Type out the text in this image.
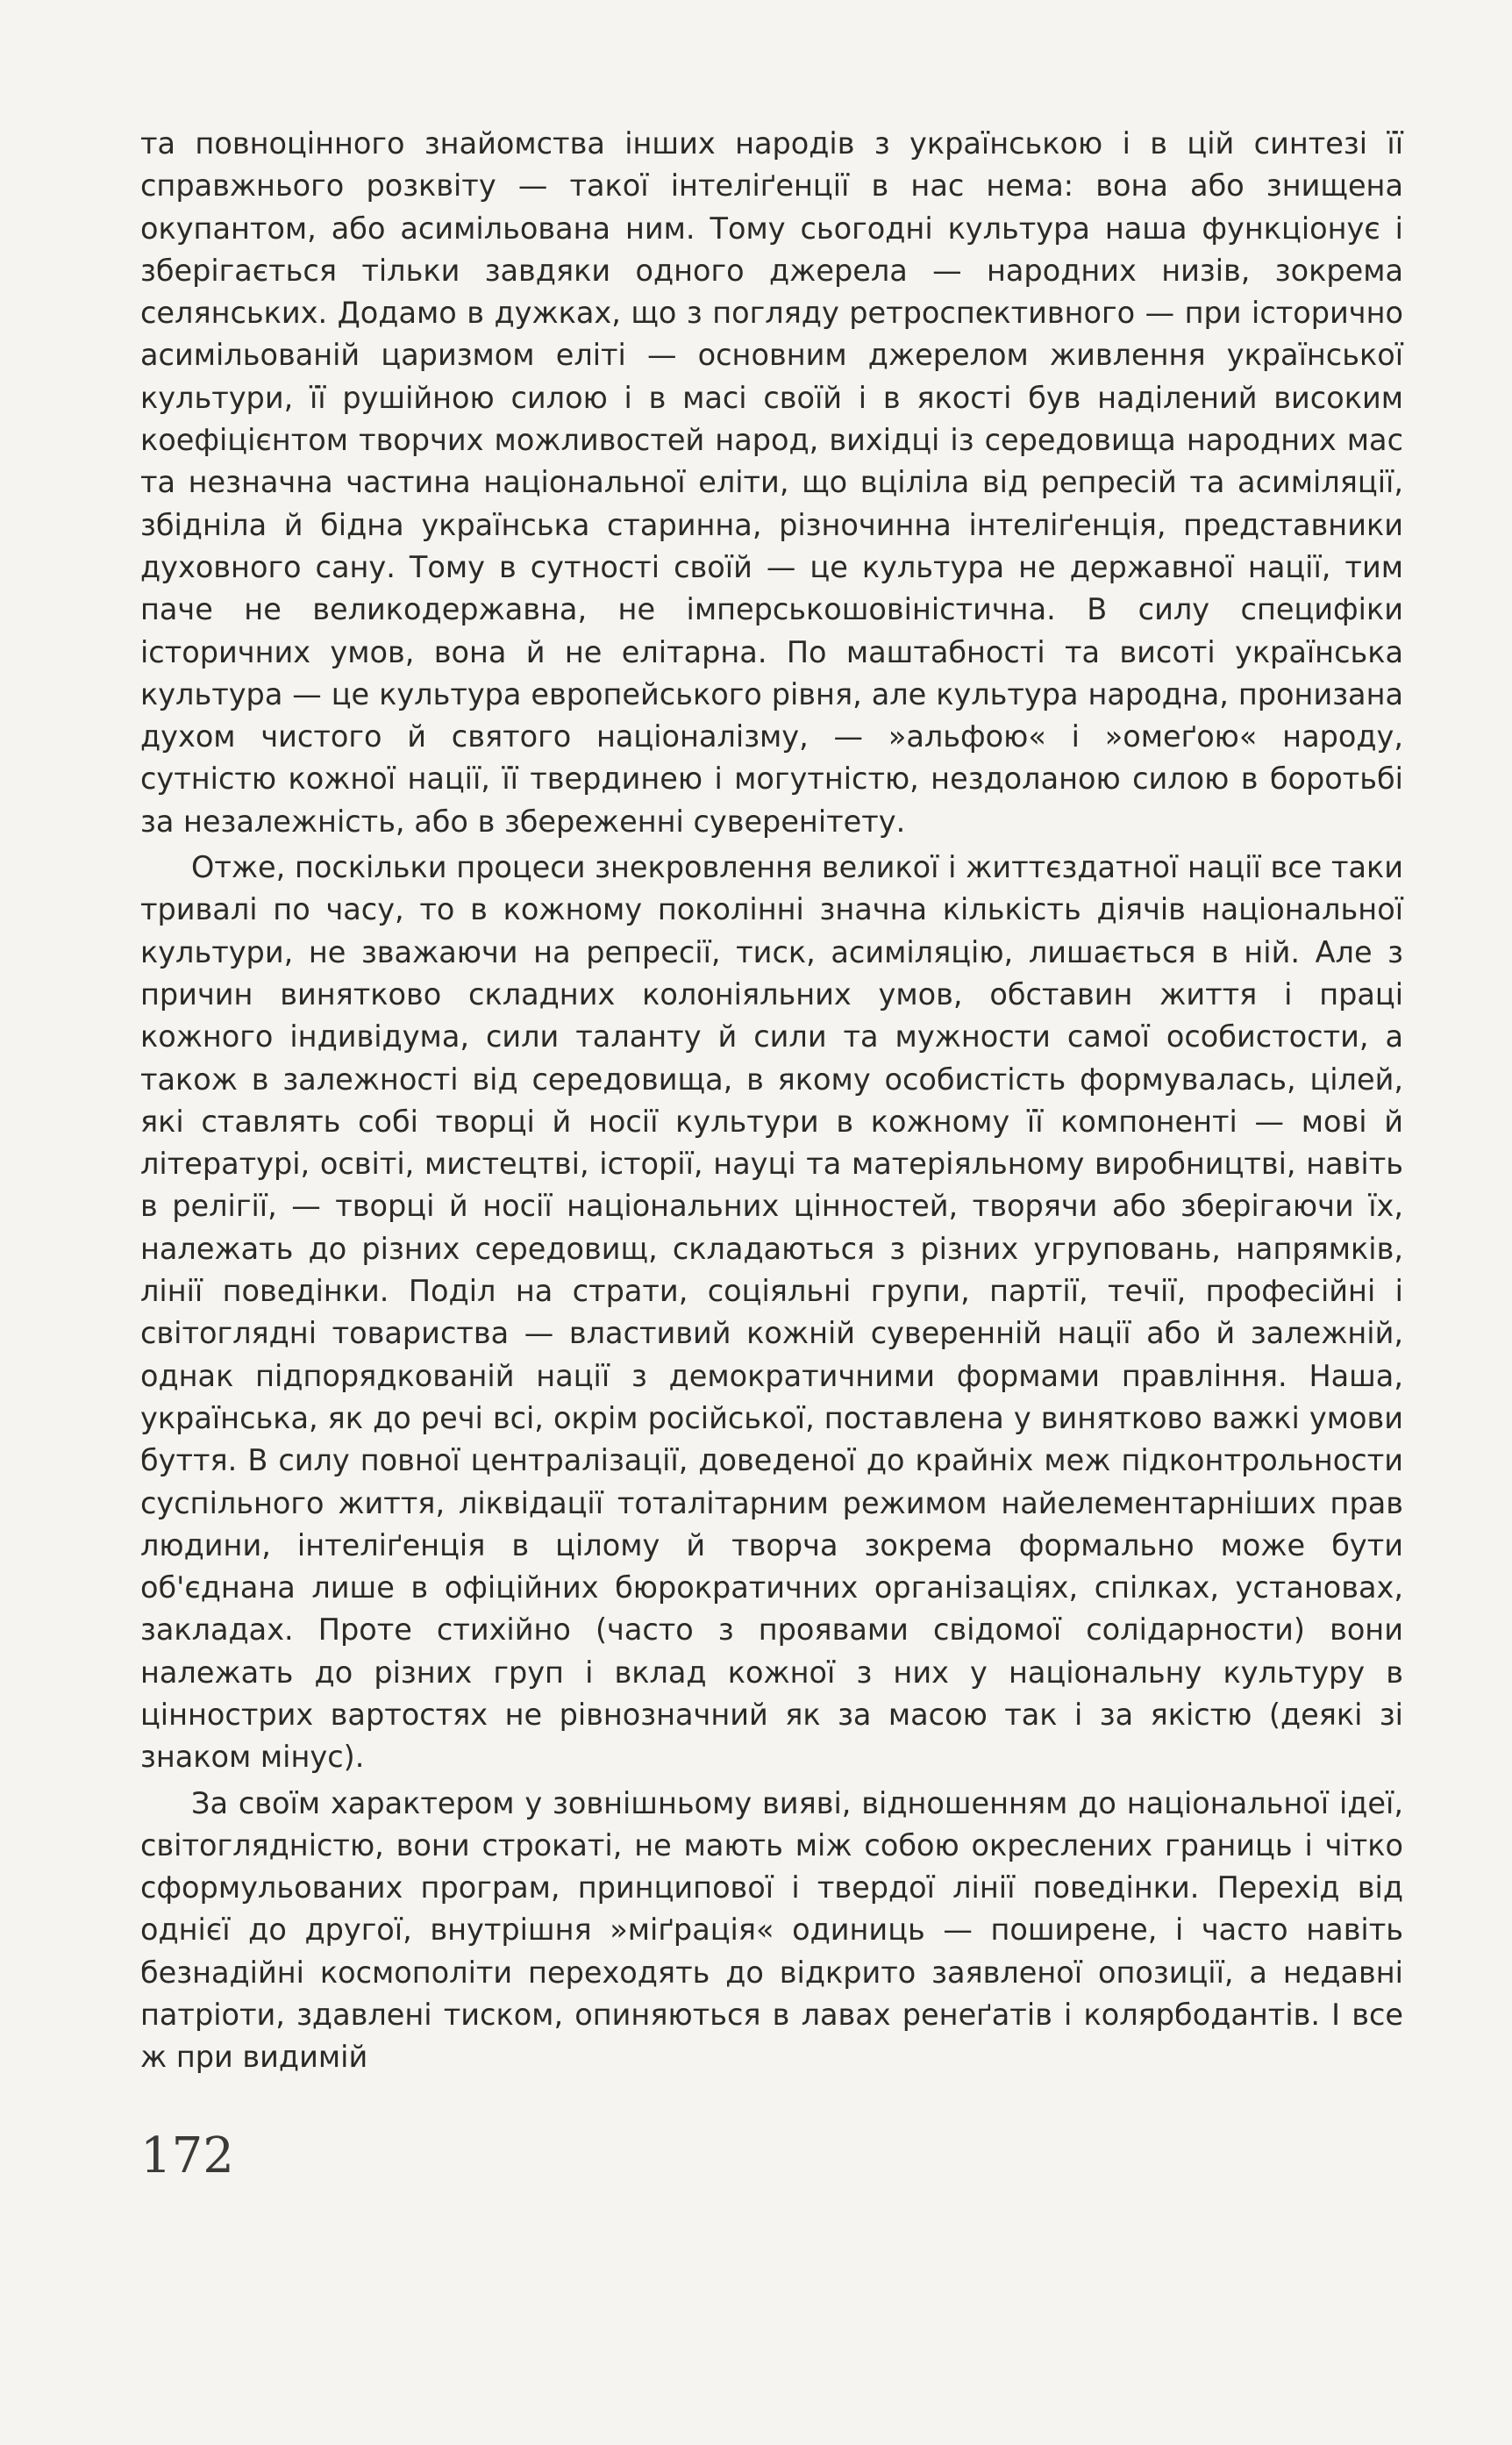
та повноцінного знайомства інших народів з українською і в цій синтезі її справжнього розквіту — такої інтеліґенції в нас нема: вона або знищена окупантом, або асимільована ним. Тому сьогодні культура наша функціонує і зберігається тільки завдяки одного джерела — народних низів, зокрема селянських. Додамо в дужках, що з погляду ретроспективного — при історично асимільованій царизмом еліті — основним джерелом живлення української культури, її рушійною силою і в масі своїй і в якості був наділений високим коефіцієнтом творчих можливостей народ, вихідці із середовища народних мас та незначна частина національної еліти, що вціліла від репресій та асиміляції, збідніла й бідна українська старинна, різночинна інтеліґенція, представники духовного сану. Тому в сутності своїй — це культура не державної нації, тим паче не великодержавна, не імперськошовіністична. В силу специфіки історичних умов, вона й не елітарна. По маштабності та висоті українська культура — це культура европейського рівня, але культура народна, пронизана духом чистого й святого націоналізму, — »альфою« і »омеґою« народу, сутністю кожної нації, її твердинею і могутністю, нездоланою силою в боротьбі за незалежність, або в збереженні суверенітету.

Отже, поскільки процеси знекровлення великої і життєздатної нації все таки тривалі по часу, то в кожному поколінні значна кількість діячів національної культури, не зважаючи на репресії, тиск, асиміляцію, лишається в ній. Але з причин винятково складних колоніяльних умов, обставин життя і праці кожного індивідума, сили таланту й сили та мужности самої особистости, а також в залежності від середовища, в якому особистість формувалась, цілей, які ставлять собі творці й носії культури в кожному її компоненті — мові й літературі, освіті, мистецтві, історії, науці та матеріяльному виробництві, навіть в релігії, — творці й носії національних цінностей, творячи або зберігаючи їх, належать до різних середовищ, складаються з різних угруповань, напрямків, лінії поведінки. Поділ на страти, соціяльні групи, партії, течії, професійні і світоглядні товариства — властивий кожній суверенній нації або й залежній, однак підпорядкованій нації з демократичними формами правління. Наша, українська, як до речі всі, окрім російської, поставлена у винятково важкі умови буття. В силу повної централізації, доведеної до крайніх меж підконтрольности суспільного життя, ліквідації тоталітарним режимом найелементарніших прав людини, інтеліґенція в цілому й творча зокрема формально може бути об'єднана лише в офіційних бюрократичних організаціях, спілках, установах, закладах. Проте стихійно (часто з проявами свідомої солідарности) вони належать до різних груп і вклад кожної з них у національну культуру в ціннострих вартостях не рівнозначний як за масою так і за якістю (деякі зі знаком мінус).

За своїм характером у зовнішньому вияві, відношенням до національної ідеї, світоглядністю, вони строкаті, не мають між собою окреслених границь і чітко сформульованих програм, принципової і твердої лінії поведінки. Перехід від однієї до другої, внутрішня »міґрація« одиниць — поширене, і часто навіть безнадійні космополіти переходять до відкрито заявленої опозиції, а недавні патріоти, здавлені тиском, опиняються в лавах ренеґатів і колярбодантів. І все ж при видимій

172
